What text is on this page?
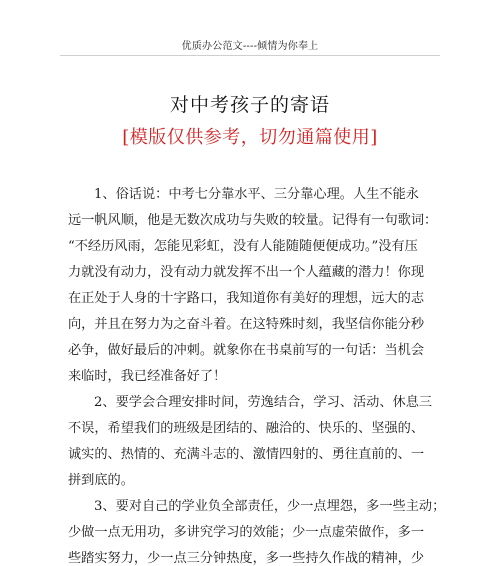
优质办公范文----倾情为你奉上
对中考孩子的寄语
[模版仅供参考，切勿通篇使用]
1、俗话说：中考七分靠水平、三分靠心理。人生不能永
远一帆风顺，他是无数次成功与失败的较量。记得有一句歌词：
“不经历风雨，怎能见彩虹，没有人能随随便便成功。”没有压
力就没有动力，没有动力就发挥不出一个人蕴藏的潜力！你现
在正处于人身的十字路口，我知道你有美好的理想，远大的志
向，并且在努力为之奋斗着。在这特殊时刻，我坚信你能分秒
必争，做好最后的冲刺。就象你在书桌前写的一句话：当机会
来临时，我已经准备好了！
2、要学会合理安排时间，劳逸结合，学习、活动、休息三
不误，希望我们的班级是团结的、融洽的、快乐的、坚强的、
诚实的、热情的、充满斗志的、激情四射的、勇往直前的、一
拼到底的。
3、要对自己的学业负全部责任，少一点埋怨，多一些主动；
少做一点无用功，多讲究学习的效能；少一点虚荣做作，多一
些踏实努力，少一点三分钟热度，多一些持久作战的精神，少
